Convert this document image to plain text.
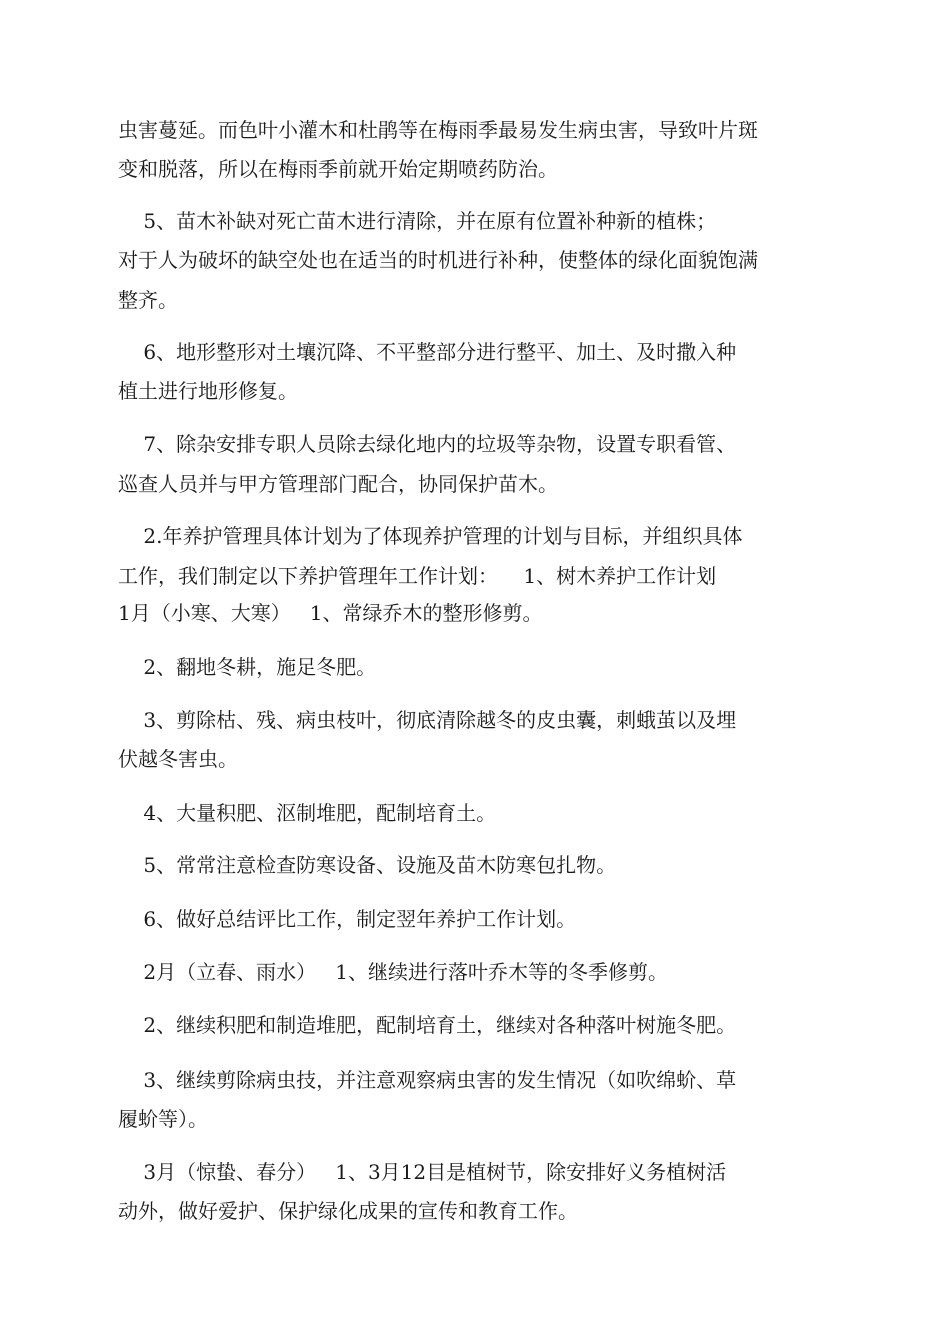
虫害蔓延。而色叶小灌木和杜鹃等在梅雨季最易发生病虫害，导致叶片斑
变和脱落，所以在梅雨季前就开始定期喷药防治。
5、苗木补缺对死亡苗木进行清除，并在原有位置补种新的植株；
对于人为破坏的缺空处也在适当的时机进行补种，使整体的绿化面貌饱满
整齐。
6、地形整形对土壤沉降、不平整部分进行整平、加土、及时撒入种
植土进行地形修复。
7、除杂安排专职人员除去绿化地内的垃圾等杂物，设置专职看管、
巡查人员并与甲方管理部门配合，协同保护苗木。
2.年养护管理具体计划为了体现养护管理的计划与目标，并组织具体
工作，我们制定以下养护管理年工作计划：    1、树木养护工作计划
1月（小寒、大寒）   1、常绿乔木的整形修剪。
2、翻地冬耕，施足冬肥。
3、剪除枯、残、病虫枝叶，彻底清除越冬的皮虫囊，刺蛾茧以及埋
伏越冬害虫。
4、大量积肥、沤制堆肥，配制培育土。
5、常常注意检查防寒设备、设施及苗木防寒包扎物。
6、做好总结评比工作，制定翌年养护工作计划。
2月（立春、雨水）   1、继续进行落叶乔木等的冬季修剪。
2、继续积肥和制造堆肥，配制培育土，继续对各种落叶树施冬肥。
3、继续剪除病虫技，并注意观察病虫害的发生情况（如吹绵蚧、草
履蚧等）。
3月（惊蛰、春分）   1、3月12目是植树节，除安排好义务植树活
动外，做好爱护、保护绿化成果的宣传和教育工作。
